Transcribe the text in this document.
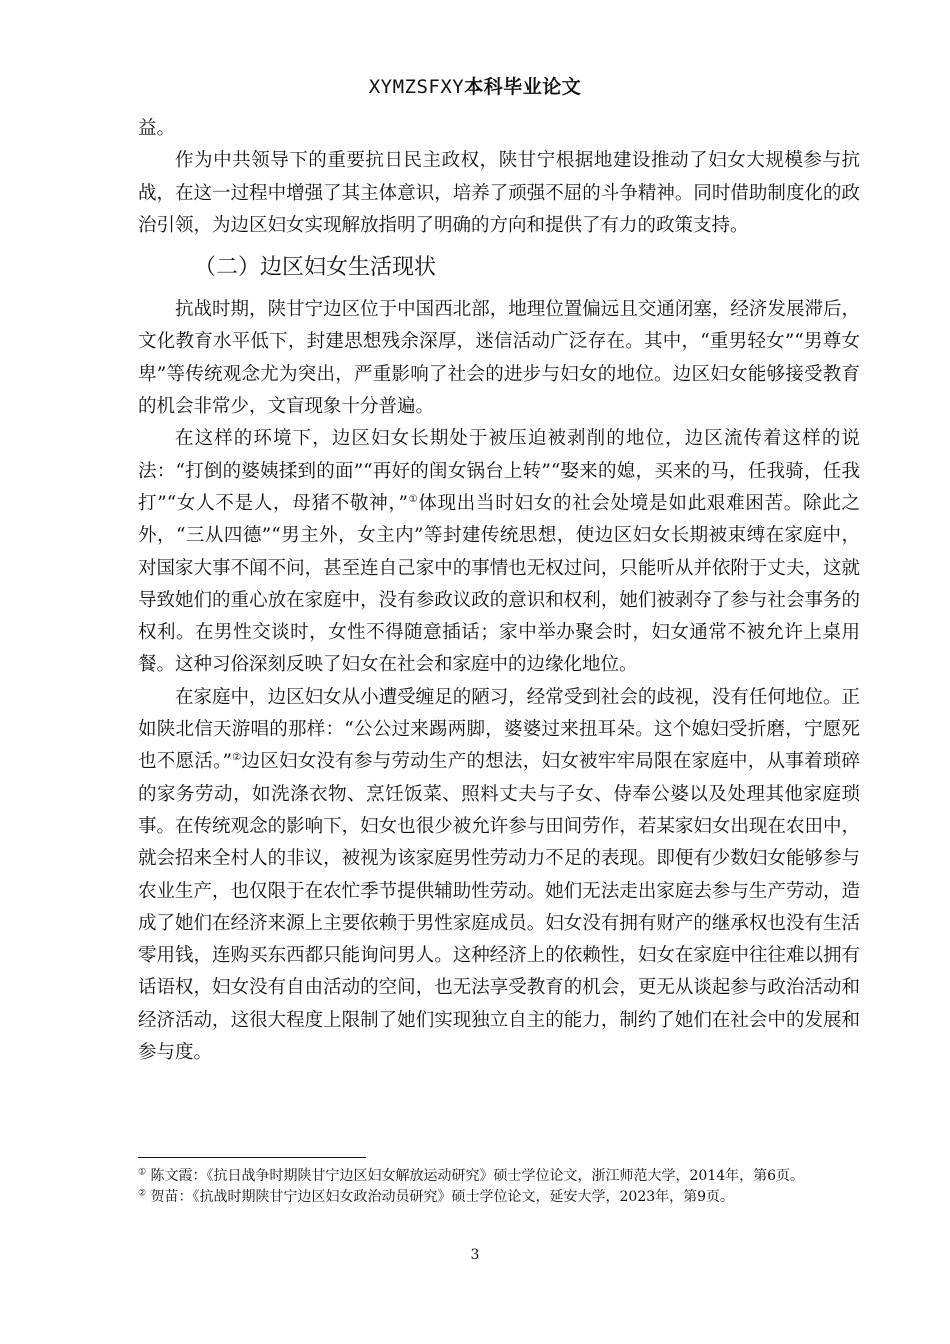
XYMZSFXY本科毕业论文

益。

作为中共领导下的重要抗日民主政权，陕甘宁根据地建设推动了妇女大规模参与抗战，在这一过程中增强了其主体意识，培养了顽强不屈的斗争精神。同时借助制度化的政治引领，为边区妇女实现解放指明了明确的方向和提供了有力的政策支持。

（二）边区妇女生活现状

抗战时期，陕甘宁边区位于中国西北部，地理位置偏远且交通闭塞，经济发展滞后，文化教育水平低下，封建思想残余深厚，迷信活动广泛存在。其中，“重男轻女”“男尊女卑”等传统观念尤为突出，严重影响了社会的进步与妇女的地位。边区妇女能够接受教育的机会非常少，文盲现象十分普遍。

在这样的环境下，边区妇女长期处于被压迫被剥削的地位，边区流传着这样的说法：“打倒的婆姨揉到的面”“再好的闺女锅台上转”“娶来的媳，买来的马，任我骑，任我打”“女人不是人，母猪不敬神，”①体现出当时妇女的社会处境是如此艰难困苦。除此之外，“三从四德”“男主外，女主内”等封建传统思想，使边区妇女长期被束缚在家庭中，对国家大事不闻不问，甚至连自己家中的事情也无权过问，只能听从并依附于丈夫，这就导致她们的重心放在家庭中，没有参政议政的意识和权利，她们被剥夺了参与社会事务的权利。在男性交谈时，女性不得随意插话；家中举办聚会时，妇女通常不被允许上桌用餐。这种习俗深刻反映了妇女在社会和家庭中的边缘化地位。

在家庭中，边区妇女从小遭受缠足的陋习，经常受到社会的歧视，没有任何地位。正如陕北信天游唱的那样：“公公过来踢两脚，婆婆过来扭耳朵。这个媳妇受折磨，宁愿死也不愿活。”②边区妇女没有参与劳动生产的想法，妇女被牢牢局限在家庭中，从事着琐碎的家务劳动，如洗涤衣物、烹饪饭菜、照料丈夫与子女、侍奉公婆以及处理其他家庭琐事。在传统观念的影响下，妇女也很少被允许参与田间劳作，若某家妇女出现在农田中，就会招来全村人的非议，被视为该家庭男性劳动力不足的表现。即便有少数妇女能够参与农业生产，也仅限于在农忙季节提供辅助性劳动。她们无法走出家庭去参与生产劳动，造成了她们在经济来源上主要依赖于男性家庭成员。妇女没有拥有财产的继承权也没有生活零用钱，连购买东西都只能询问男人。这种经济上的依赖性，妇女在家庭中往往难以拥有话语权，妇女没有自由活动的空间，也无法享受教育的机会，更无从谈起参与政治活动和经济活动，这很大程度上限制了她们实现独立自主的能力，制约了她们在社会中的发展和参与度。

① 陈文霞：《抗日战争时期陕甘宁边区妇女解放运动研究》硕士学位论文，浙江师范大学，2014年，第6页。

② 贺苗：《抗战时期陕甘宁边区妇女政治动员研究》硕士学位论文，延安大学，2023年，第9页。

3
